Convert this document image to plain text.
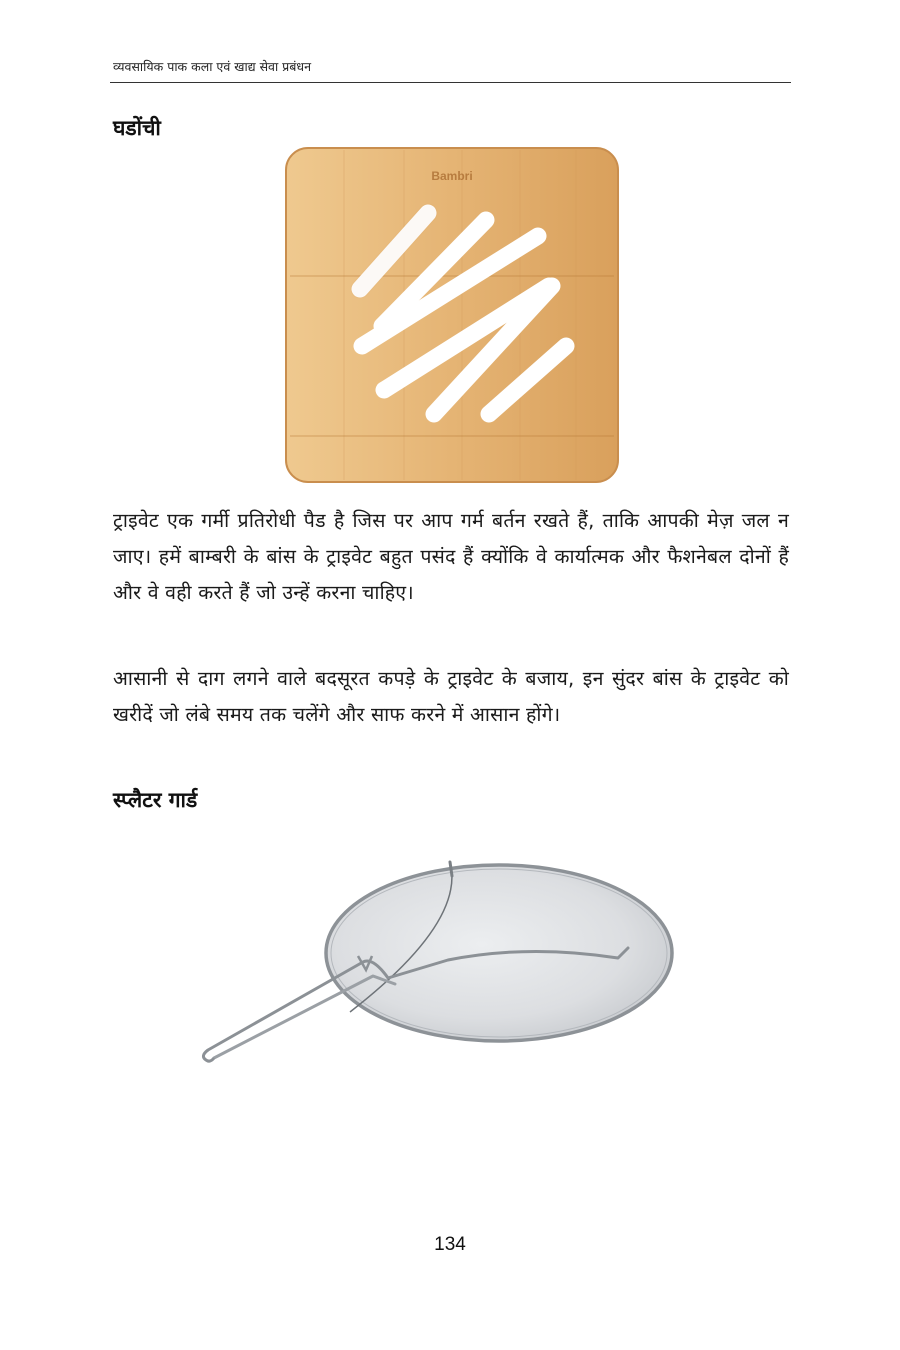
व्यवसायिक पाक कला एवं खाद्य सेवा प्रबंधन
घडोंची
Bambri

ट्राइवेट एक गर्मी प्रतिरोधी पैड है जिस पर आप गर्म बर्तन रखते हैं, ताकि आपकी मेज़ जल न जाए। हमें बाम्बरी के बांस के ट्राइवेट बहुत पसंद हैं क्योंकि वे कार्यात्मक और फैशनेबल दोनों हैं और वे वही करते हैं जो उन्हें करना चाहिए।

आसानी से दाग लगने वाले बदसूरत कपड़े के ट्राइवेट के बजाय, इन सुंदर बांस के ट्राइवेट को खरीदें जो लंबे समय तक चलेंगे और साफ करने में आसान होंगे।

स्प्लैटर गार्ड
134
